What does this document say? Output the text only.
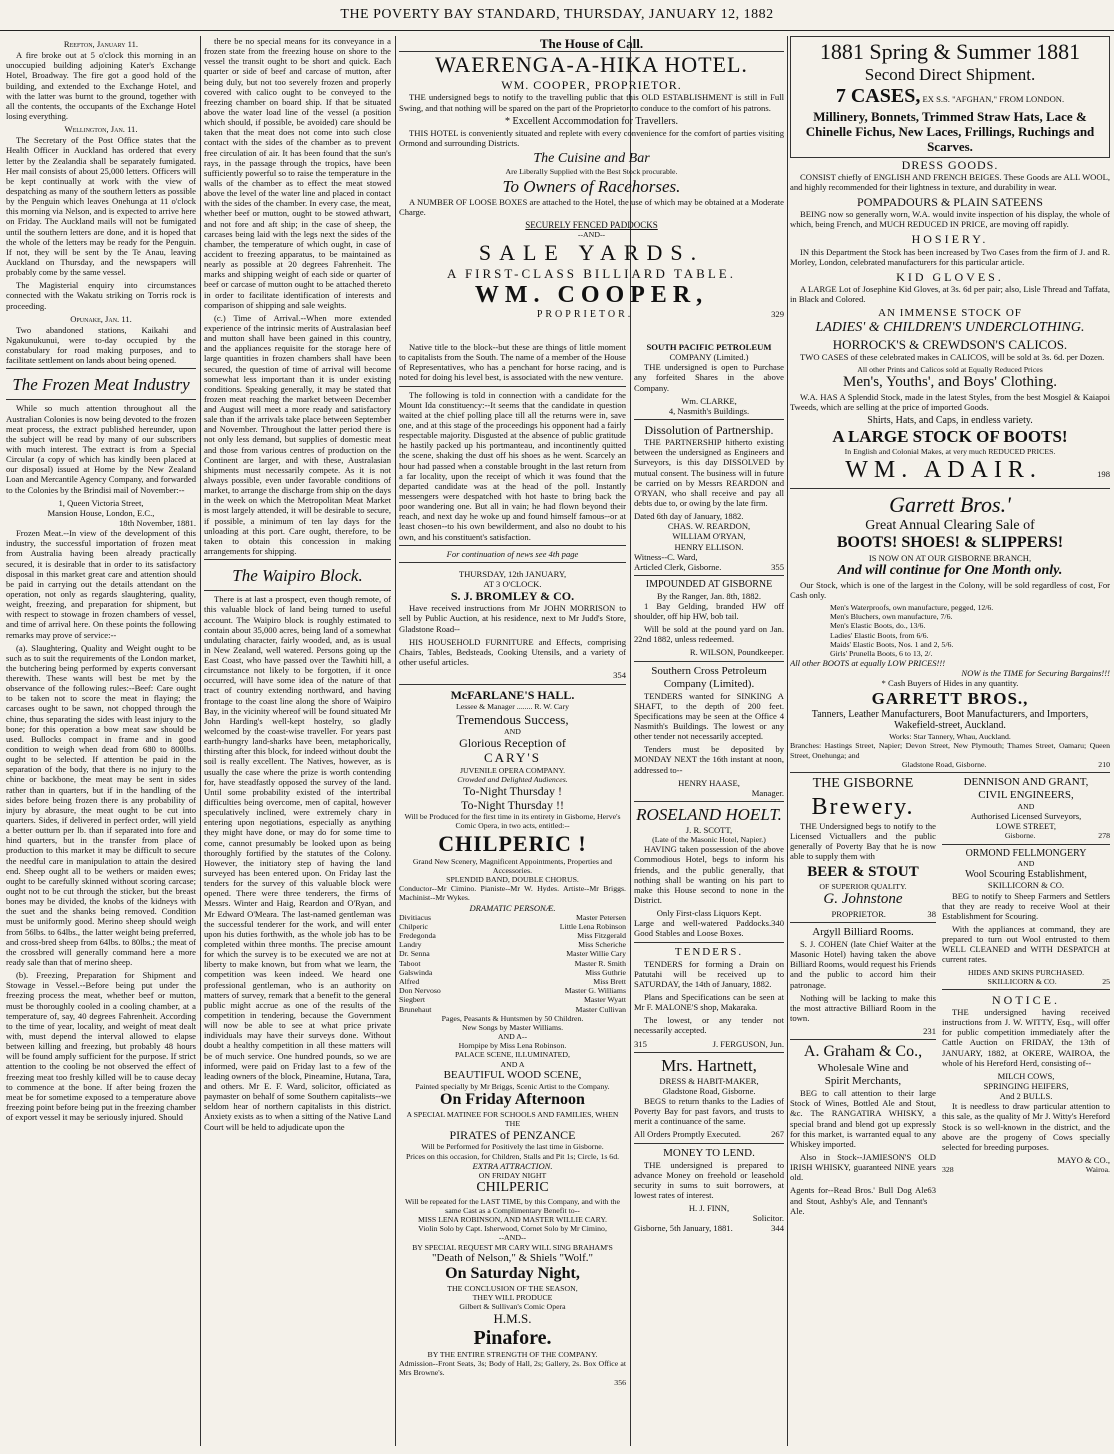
THE POVERTY BAY STANDARD, THURSDAY, JANUARY 12, 1882
Reefton, January 11.

A fire broke out at 5 o'clock this morning in an unoccupied building adjoining Kater's Exchange Hotel, Broadway. The fire got a good hold of the building, and extended to the Exchange Hotel, and with the latter was burnt to the ground, together with all the contents, the occupants of the Exchange Hotel losing everything.

Wellington, Jan. 11.

The Secretary of the Post Office states that the Health Officer in Auckland has ordered that every letter by the Zealandia shall be separately fumigated. Her mail consists of about 25,000 letters. Officers will be kept continually at work with the view of despatching as many of the southern letters as possible by the Penguin which leaves Onehunga at 11 o'clock this morning via Nelson, and is expected to arrive here on Friday. The Auckland mails will not be fumigated until the southern letters are done, and it is hoped that the whole of the letters may be ready for the Penguin. If not, they will be sent by the Te Anau, leaving Auckland on Thursday, and the newspapers will probably come by the same vessel.

The Magisterial enquiry into circumstances connected with the Wakatu striking on Torris rock is proceeding.

Opunake, Jan. 11.

Two abandoned stations, Kaikahi and Ngakunukunui, were to-day occupied by the constabulary for road making purposes, and to facilitate settlement on lands about being opened.

The Frozen Meat Industry

While so much attention throughout all the Australian Colonies is now being devoted to the frozen meat process, the extract published hereunder, upon the subject will be read by many of our subscribers with much interest. The extract is from a Special Circular (a copy of which has kindly been placed at our disposal) issued at Home by the New Zealand Loan and Mercantile Agency Company, and forwarded to the Colonies by the Brindisi mail of November:--

1, Queen Victoria Street,
Mansion House, London, E.C.,
18th November, 1881.

Frozen Meat.--In view of the development of this industry, the successful importation of frozen meat from Australia having been already practically secured, it is desirable that in order to its satisfactory disposal in this market great care and attention should be paid in carrying out the details attendant on the operation, not only as regards slaughtering, quality, weight, freezing, and preparation for shipment, but with respect to stowage in frozen chambers of vessel, and time of arrival here. On these points the following remarks may prove of service:--

(a). Slaughtering, Quality and Weight ought to be such as to suit the requirements of the London market, the butchering being performed by experts conversant therewith. These wants will best be met by the observance of the following rules:--Beef: Care ought to be taken not to score the meat in flaying; the carcases ought to be sawn, not chopped through the chine, thus separating the sides with least injury to the bone; for this operation a bow meat saw should be used. Bullocks compact in frame and in good condition to weigh when dead from 680 to 800lbs. ought to be selected. If attention be paid in the separation of the body, that there is no injury to the chine or backbone, the meat may be sent in sides rather than in quarters, but if in the handling of the sides before being frozen there is any probability of injury by abrasure, the meat ought to be cut into quarters. Sides, if delivered in perfect order, will yield a better outturn per lb. than if separated into fore and hind quarters, but in the transfer from place of production to this market it may be difficult to secure the needful care in manipulation to attain the desired end. Sheep ought all to be wethers or maiden ewes; ought to be carefully skinned without scoring carcase; ought not to be cut through the sticker, but the breast bones may be divided, the knobs of the kidneys with the suet and the shanks being removed. Condition must be uniformly good. Merino sheep should weigh from 56lbs. to 64lbs., the latter weight being preferred, and cross-bred sheep from 64lbs. to 80lbs.; the meat of the crossbred will generally command here a more ready sale than that of merino sheep.

(b). Freezing, Preparation for Shipment and Stowage in Vessel.--Before being put under the freezing process the meat, whether beef or mutton, must be thoroughly cooled in a cooling chamber, at a temperature of, say, 40 degrees Fahrenheit. According to the time of year, locality, and weight of meat dealt with, must depend the interval allowed to elapse between killing and freezing, but probably 48 hours will be found amply sufficient for the purpose. If strict attention to the cooling be not observed the effect of freezing meat too freshly killed will be to cause decay to commence at the bone. If after being frozen the meat be for sometime exposed to a temperature above freezing point before being put in the freezing chamber of export vessel it may be seriously injured. Should

there be no special means for its conveyance in a frozen state from the freezing house on shore to the vessel the transit ought to be short and quick. Each quarter or side of beef and carcase of mutton, after being duly, but not too severely frozen and properly covered with calico ought to be conveyed to the freezing chamber on board ship. If that be situated above the water load line of the vessel (a position which should, if possible, be avoided) care should be taken that the meat does not come into such close contact with the sides of the chamber as to prevent free circulation of air. It has been found that the sun's rays, in the passage through the tropics, have been sufficiently powerful so to raise the temperature in the walls of the chamber as to effect the meat stowed above the level of the water line and placed in contact with the sides of the chamber. In every case, the meat, whether beef or mutton, ought to be stowed athwart, and not fore and aft ship; in the case of sheep, the carcases being laid with the legs next the sides of the chamber, the temperature of which ought, in case of accident to freezing apparatus, to be maintained as nearly as possible at 20 degrees Fahrenheit. The marks and shipping weight of each side or quarter of beef or carcase of mutton ought to be attached thereto in order to facilitate identification of interests and comparison of shipping and sale weights.

(c.) Time of Arrival.--When more extended experience of the intrinsic merits of Australasian beef and mutton shall have been gained in this country, and the appliances requisite for the storage here of large quantities in frozen chambers shall have been secured, the question of time of arrival will become somewhat less important than it is under existing conditions. Speaking generally, it may be stated that frozen meat reaching the market between December and August will meet a more ready and satisfactory sale than if the arrivals take place between September and November. Throughout the latter period there is not only less demand, but supplies of domestic meat and those from various centres of production on the Continent are larger, and with these, Australasian shipments must necessarily compete. As it is not always possible, even under favorable conditions of market, to arrange the discharge from ship on the days in the week on which the Metropolitan Meat Market is most largely attended, it will be desirable to secure, if possible, a minimum of ten lay days for the unloading at this port. Care ought, therefore, to be taken to obtain this concession in making arrangements for shipping.

The Waipiro Block.

There is at last a prospect, even though remote, of this valuable block of land being turned to useful account. The Waipiro block is roughly estimated to contain about 35,000 acres, being land of a somewhat undulating character, fairly wooded, and, as is usual in New Zealand, well watered. Persons going up the East Coast, who have passed over the Tawhiti hill, a circumstance not likely to be forgotten, if it once occurred, will have some idea of the nature of that tract of country extending northward, and having frontage to the coast line along the shore of Waipiro Bay, in the vicinity whereof will be found situated Mr John Harding's well-kept hostelry, so gladly welcomed by the coast-wise traveller. For years past earth-hungry land-sharks have been, metaphorically, thirsting after this block, for indeed without doubt the soil is really excellent. The Natives, however, as is usually the case where the prize is worth contending for, have steadfastly opposed the survey of the land. Until some probability existed of the intertribal difficulties being overcome, men of capital, however speculatively inclined, were extremely chary in entering upon negotiations, especially as anything they might have done, or may do for some time to come, cannot presumably be looked upon as being thoroughly fortified by the statutes of the Colony. However, the initiatory step of having the land surveyed has been entered upon. On Friday last the tenders for the survey of this valuable block were opened. There were three tenderers, the firms of Messrs. Winter and Haig, Reardon and O'Ryan, and Mr Edward O'Meara. The last-named gentleman was the successful tenderer for the work, and will enter upon his duties forthwith, as the whole job has to be completed within three months. The precise amount for which the survey is to be executed we are not at liberty to make known, but from what we learn, the competition was keen indeed. We heard one professional gentleman, who is an authority on matters of survey, remark that a benefit to the general public might accrue as one of the results of the competition in tendering, because the Government will now be able to see at what price private individuals may have their surveys done. Without doubt a healthy competition in all these matters will be of much service. One hundred pounds, so we are informed, were paid on Friday last to a few of the leading owners of the block, Pineamine, Hutana, Tara, and others. Mr E. F. Ward, solicitor, officiated as paymaster on behalf of some Southern capitalists--we seldom hear of northern capitalists in this district. Anxiety exists as to when a sitting of the Native Land Court will be held to adjudicate upon the

Native title to the block--but these are things of little moment to capitalists from the South. The name of a member of the House of Representatives, who has a penchant for horse racing, and is noted for doing his level best, is associated with the new venture.

The following is told in connection with a candidate for the Mount Ida constituency:--It seems that the candidate in question waited at the chief polling place till all the returns were in, save one, and at this stage of the proceedings his opponent had a fairly respectable majority. Disgusted at the absence of public gratitude he hastily packed up his portmanteau, and incontinently quitted the scene, shaking the dust off his shoes as he went. Scarcely an hour had passed when a constable brought in the last return from a far locality, upon the receipt of which it was found that the departed candidate was at the head of the poll. Instantly messengers were despatched with hot haste to bring back the poor wandering one. But all in vain; he had flown beyond their reach, and next day he woke up and found himself famous--or at least chosen--to his own bewilderment, and also no doubt to his own, and his constituent's satisfaction.

For continuation of news see 4th page
THURSDAY, 12th JANUARY,
AT 3 O'CLOCK.
S. J. BROMLEY & CO.

Have received instructions from Mr JOHN MORRISON to sell by Public Auction, at his residence, next to Mr Judd's Store, Gladstone Road--

HIS HOUSEHOLD FURNITURE and Effects, comprising Chairs, Tables, Bedsteads, Cooking Utensils, and a variety of other useful articles.

354
McFARLANE'S HALL.
Lessee & Manager ........ R. W. Cary
Tremendous Success,
AND
Glorious Reception of
CARY'S
JUVENILE OPERA COMPANY.
Crowded and Delighted Audiences.
To-Night Thursday !
To-Night Thursday !!
Will be Produced for the first time in its entirety in Gisborne, Herve's Comic Opera, in two acts, entitled:--
CHILPERIC !
Grand New Scenery, Magnificent Appointments, Properties and Accessories.
SPLENDID BAND, DOUBLE CHORUS.
Conductor--Mr Cimino. Pianiste--Mr W. Hydes. Artiste--Mr Briggs. Machinist--Mr Wykes.
DRAMATIC PERSONÆ.
Divitiacus	Master Petersen
Chilperic	Little Lena Robinson
Fredegonda	Miss Fitzgerald
Landry	Miss Scheriche
Dr. Senna	Master Willie Cary
Taboot	Master R. Smith
Galswinda	Miss Guthrie
Alfred	Miss Brett
Don Nervoso	Master G. Williams
Siegbert	Master Wyatt
Brunehaut	Master Cullivan
Pages, Peasants & Huntsmen by 50 Children.
New Songs by Master Williams.
AND A--
Hornpipe by Miss Lena Robinson.
PALACE SCENE, ILLUMINATED,
AND A
BEAUTIFUL WOOD SCENE,
Painted specially by Mr Briggs, Scenic Artist to the Company.
On Friday Afternoon
A SPECIAL MATINEE FOR SCHOOLS AND FAMILIES, WHEN THE
PIRATES of PENZANCE
Will be Performed for Positively the last time in Gisborne.
Prices on this occasion, for Children, Stalls and Pit 1s; Circle, 1s 6d.
EXTRA ATTRACTION.
ON FRIDAY NIGHT
CHILPERIC
Will be repeated for the LAST TIME, by this Company, and with the same Cast as a Complimentary Benefit to--
MISS LENA ROBINSON, AND MASTER WILLIE CARY.
Violin Solo by Capt. Isherwood, Cornet Solo by Mr Cimino,
--AND--
BY SPECIAL REQUEST MR CARY WILL SING BRAHAM'S
"Death of Nelson," & Shiels "Wolf."
On Saturday Night,
THE CONCLUSION OF THE SEASON,
THEY WILL PRODUCE
Gilbert & Sullivan's Comic Opera
H.M.S.
Pinafore.
BY THE ENTIRE STRENGTH OF THE COMPANY.
Admission--Front Seats, 3s; Body of Hall, 2s; Gallery, 2s. Box Office at Mrs Browne's.
356
The House of Call.
WAERENGA-A-HIKA HOTEL.
WM. COOPER, PROPRIETOR.

THE undersigned begs to notify to the travelling public that this OLD ESTABLISHMENT is still in Full Swing, and that nothing will be spared on the part of the Proprietor to conduce to the comfort of his patrons.

* Excellent Accommodation for Travellers.

THIS HOTEL is conveniently situated and replete with every convenience for the comfort of parties visiting Ormond and surrounding Districts.

The Cuisine and Bar
Are Liberally Supplied with the Best Stock procurable.
To Owners of Racehorses.

A NUMBER OF LOOSE BOXES are attached to the Hotel, the use of which may be obtained at a Moderate Charge.

SECURELY FENCED PADDOCKS
--AND--
SALE YARDS.
A FIRST-CLASS BILLIARD TABLE.
WM. COOPER,
PROPRIETOR.	329
SOUTH PACIFIC PETROLEUM
COMPANY (Limited.)

THE undersigned is open to Purchase any forfeited Shares in the above Company.

Wm. CLARKE,
4, Nasmith's Buildings.
Dissolution of Partnership.

THE PARTNERSHIP hitherto existing between the undersigned as Engineers and Surveyors, is this day DISSOLVED by mutual consent. The business will in future be carried on by Messrs REARDON and O'RYAN, who shall receive and pay all debts due to, or owing by the late firm.

Dated 6th day of January, 1882.
CHAS. W. REARDON,
WILLIAM O'RYAN,
HENRY ELLISON.
Witness--C. Ward,
Articled Clerk, Gisborne.	355
IMPOUNDED AT GISBORNE
By the Ranger, Jan. 8th, 1882.

1 Bay Gelding, branded HW off shoulder, off hip HW, bob tail.

Will be sold at the pound yard on Jan. 22nd 1882, unless redeemed.

R. WILSON, Poundkeeper.
Southern Cross Petroleum Company (Limited).

TENDERS wanted for SINKING A SHAFT, to the depth of 200 feet. Specifications may be seen at the Office 4 Nasmith's Buildings. The lowest or any other tender not necessarily accepted.

Tenders must be deposited by MONDAY NEXT the 16th instant at noon, addressed to--

HENRY HAASE,
Manager.
ROSELAND HOELT.
J. R. SCOTT,
(Late of the Masonic Hotel, Napier.)

HAVING taken possession of the above Commodious Hotel, begs to inform his friends, and the public generally, that nothing shall be wanting on his part to make this House second to none in the District.

Only First-class Liquors Kept.
Large and well-watered Paddocks. Good Stables and Loose Boxes.
340
TENDERS.

TENDERS for forming a Drain on Patutahi will be received up to SATURDAY, the 14th of January, 1882.

Plans and Specifications can be seen at Mr F. MALONE'S shop, Makaraka.

The lowest, or any tender not necessarily accepted.

315	J. FERGUSON, Jun.
Mrs. Hartnett,
DRESS & HABIT-MAKER,
Gladstone Road, Gisborne.

BEGS to return thanks to the Ladies of Poverty Bay for past favors, and trusts to merit a continuance of the same.

All Orders Promptly Executed.	267
MONEY TO LEND.

THE undersigned is prepared to advance Money on freehold or leasehold security in sums to suit borrowers, at lowest rates of interest.

H. J. FINN,
Solicitor.
Gisborne, 5th January, 1881.	344
1881 Spring & Summer 1881
Second Direct Shipment.
7 CASES, EX S.S. "AFGHAN," FROM LONDON.
Millinery, Bonnets, Trimmed Straw Hats, Lace & Chinelle Fichus, New Laces, Frillings, Ruchings and Scarves.
DRESS GOODS.

CONSIST chiefly of ENGLISH AND FRENCH BEIGES. These Goods are ALL WOOL, and highly recommended for their lightness in texture, and durability in wear.

POMPADOURS & PLAIN SATEENS

BEING now so generally worn, W.A. would invite inspection of his display, the whole of which, being French, and MUCH REDUCED IN PRICE, are moving off rapidly.

HOSIERY.

IN this Department the Stock has been increased by Two Cases from the firm of J. and R. Morley, London, celebrated manufacturers for this particular article.

KID GLOVES.

A LARGE Lot of Josephine Kid Gloves, at 3s. 6d per pair; also, Lisle Thread and Taffata, in Black and Colored.

AN IMMENSE STOCK OF
LADIES' & CHILDREN'S UNDERCLOTHING.
HORROCK'S & CREWDSON'S CALICOS.

TWO CASES of these celebrated makes in CALICOS, will be sold at 3s. 6d. per Dozen.

All other Prints and Calicos sold at Equally Reduced Prices
Men's, Youths', and Boys' Clothing.

W.A. HAS A Splendid Stock, made in the latest Styles, from the best Mosgiel & Kaiapoi Tweeds, which are selling at the price of imported Goods.

Shirts, Hats, and Caps, in endless variety.
A LARGE STOCK OF BOOTS!
In English and Colonial Makes, at very much REDUCED PRICES.
WM. ADAIR.	198
Garrett Bros.'
Great Annual Clearing Sale of
BOOTS! SHOES! & SLIPPERS!
IS NOW ON AT OUR GISBORNE BRANCH,
And will continue for One Month only.

Our Stock, which is one of the largest in the Colony, will be sold regardless of cost, For Cash only.

Men's Waterproofs, own manufacture, pegged, 12/6.
Men's Bluchers, own manufacture, 7/6.
Men's Elastic Boots, do., 13/6.
Ladies' Elastic Boots, from 6/6.
Maids' Elastic Boots, Nos. 1 and 2, 5/6.
Girls' Prunella Boots, 6 to 13, 2/.
All other BOOTS at equally LOW PRICES!!!
NOW is the TIME for Securing Bargains!!!
* Cash Buyers of Hides in any quantity.
GARRETT BROS.,
Tanners, Leather Manufacturers, Boot Manufacturers, and Importers, Wakefield-street, Auckland.
Works: Star Tannery, Whau, Auckland.
Branches: Hastings Street, Napier; Devon Street, New Plymouth; Thames Street, Oamaru; Queen Street, Onehunga; and
Gladstone Road, Gisborne.	210
THE GISBORNE
Brewery.

THE Undersigned begs to notify to the Licensed Victuallers and the public generally of Poverty Bay that he is now able to supply them with

BEER & STOUT
OF SUPERIOR QUALITY.
G. Johnstone
PROPRIETOR.	38
Argyll Billiard Rooms.

S. J. COHEN (late Chief Waiter at the Masonic Hotel) having taken the above Billiard Rooms, would request his Friends and the public to accord him their patronage.

Nothing will be lacking to make this the most attractive Billiard Room in the town.

231
A. Graham & Co.,
Wholesale Wine and
Spirit Merchants,

BEG to call attention to their large Stock of Wines, Bottled Ale and Stout, &c. The RANGATIRA WHISKY, a special brand and blend got up expressly for this market, is warranted equal to any Whiskey imported.

Also in Stock--JAMIESON'S OLD IRISH WHISKY, guaranteed NINE years old.

Agents for--Read Bros.' Bull Dog Ale and Stout, Ashby's Ale, and Tennant's Ale.
63
DENNISON AND GRANT,
CIVIL ENGINEERS,
AND
Authorised Licensed Surveyors,
LOWE STREET,
Gisborne.	278
ORMOND FELLMONGERY
AND
Wool Scouring Establishment,
SKILLICORN & CO.

BEG to notify to Sheep Farmers and Settlers that they are ready to receive Wool at their Establishment for Scouring.

With the appliances at command, they are prepared to turn out Wool entrusted to them WELL CLEANED and WITH DESPATCH at current rates.

HIDES AND SKINS PURCHASED.
SKILLICORN & CO.	25
NOTICE.

THE undersigned having received instructions from J. W. WITTY, Esq., will offer for public competition immediately after the Cattle Auction on FRIDAY, the 13th of JANUARY, 1882, at OKERE, WAIROA, the whole of his Hereford Herd, consisting of--

MILCH COWS,
SPRINGING HEIFERS,
And 2 BULLS.

It is needless to draw particular attention to this sale, as the quality of Mr J. Witty's Hereford Stock is so well-known in the district, and the above are the progeny of Cows specially selected for breeding purposes.

MAYO & CO.,
328	Wairoa.
